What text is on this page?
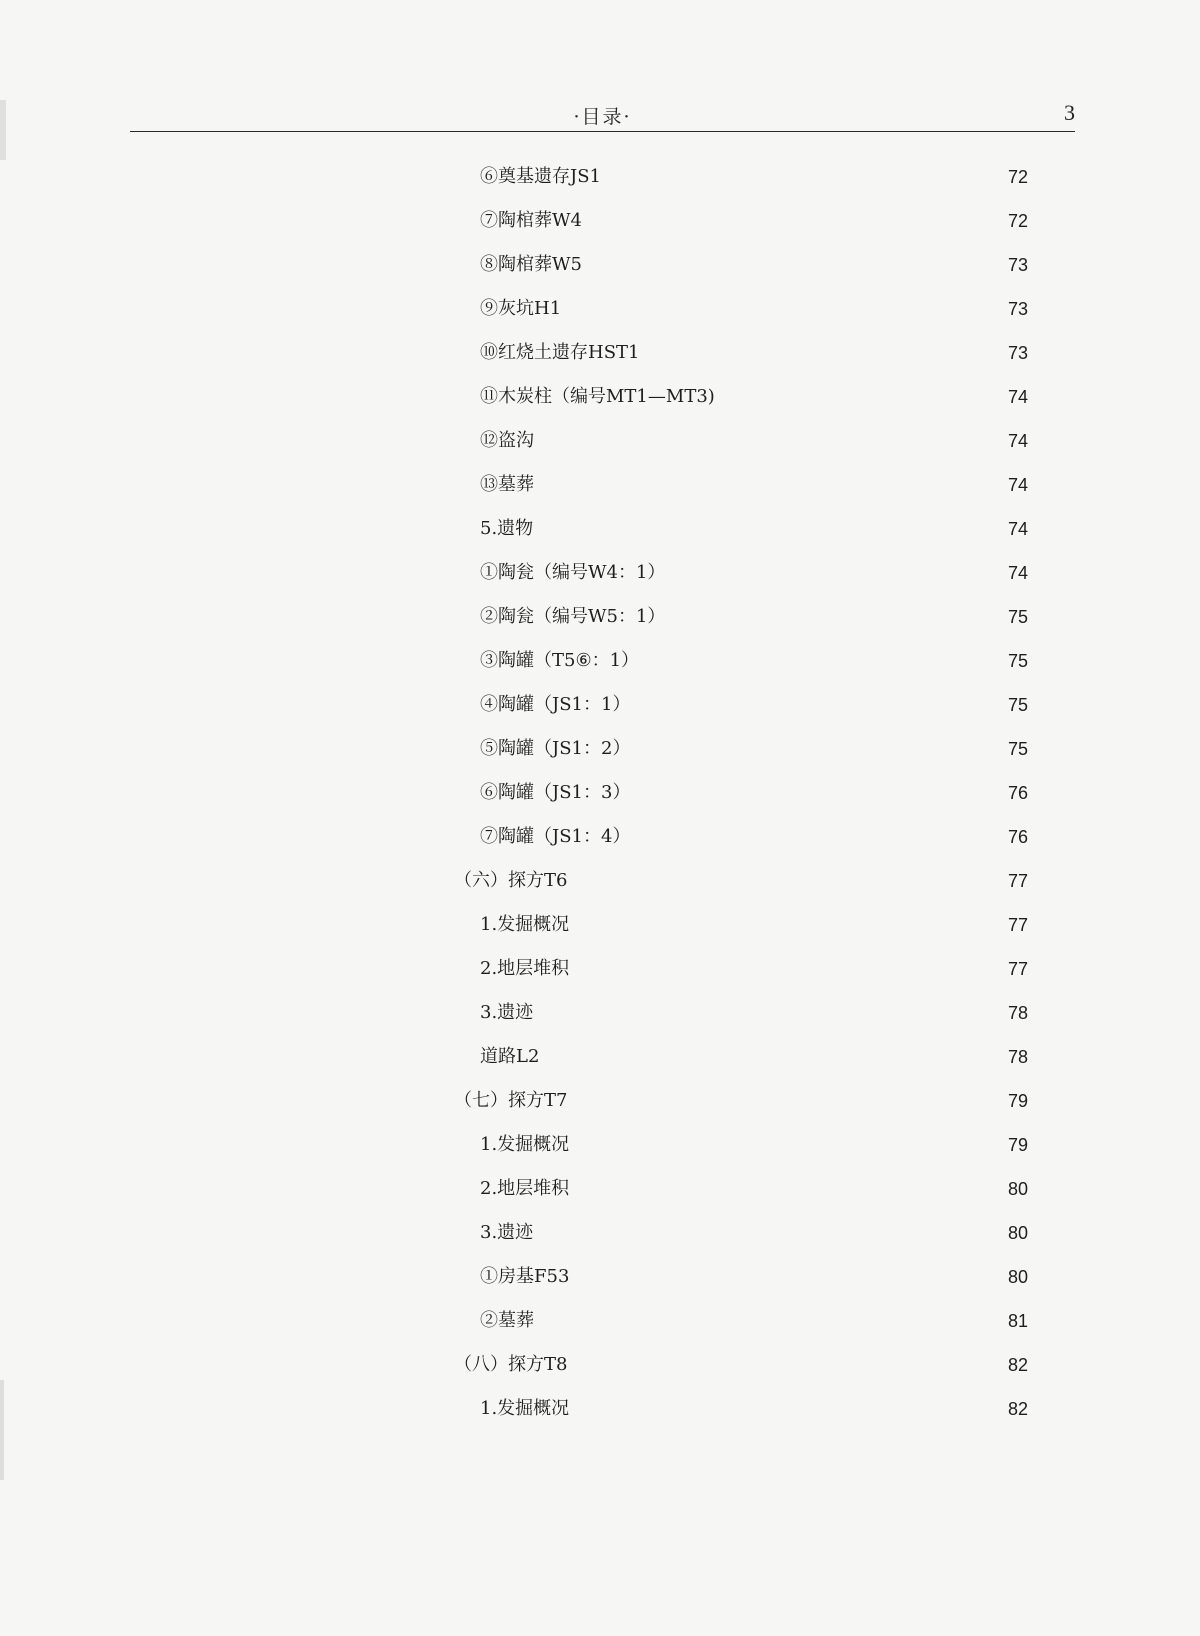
·目录·	3
⑥奠基遗存JS1	72
⑦陶棺葬W4	72
⑧陶棺葬W5	73
⑨灰坑H1	73
⑩红烧土遗存HST1	73
⑪木炭柱（编号MT1—MT3)	74
⑫盗沟	74
⑬墓葬	74
5.遗物	74
①陶瓮（编号W4：1）	74
②陶瓮（编号W5：1）	75
③陶罐（T5⑥：1）	75
④陶罐（JS1：1）	75
⑤陶罐（JS1：2）	75
⑥陶罐（JS1：3）	76
⑦陶罐（JS1：4）	76
（六）探方T6	77
1.发掘概况	77
2.地层堆积	77
3.遗迹	78
道路L2	78
（七）探方T7	79
1.发掘概况	79
2.地层堆积	80
3.遗迹	80
①房基F53	80
②墓葬	81
（八）探方T8	82
1.发掘概况	82
